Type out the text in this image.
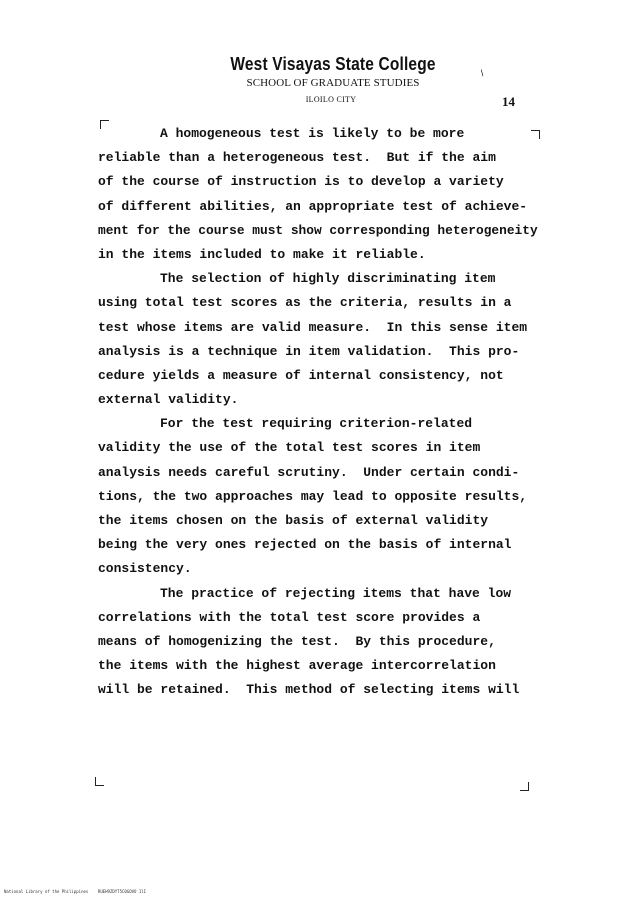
West Visayas State College
SCHOOL OF GRADUATE STUDIES
ILOILO CITY	14
/
A homogeneous test is likely to be more
reliable than a heterogeneous test.  But if the aim
of the course of instruction is to develop a variety
of different abilities, an appropriate test of achieve-
ment for the course must show corresponding heterogeneity
in the items included to make it reliable.
The selection of highly discriminating item
using total test scores as the criteria, results in a
test whose items are valid measure.  In this sense item
analysis is a technique in item validation.  This pro-
cedure yields a measure of internal consistency, not
external validity.
For the test requiring criterion-related
validity the use of the total test scores in item
analysis needs careful scrutiny.  Under certain condi-
tions, the two approaches may lead to opposite results,
the items chosen on the basis of external validity
being the very ones rejected on the basis of internal
consistency.
The practice of rejecting items that have low
correlations with the total test score provides a
means of homogenizing the test.  By this procedure,
the items with the highest average intercorrelation
will be retained.  This method of selecting items will
National Library of the Philippines    RUEH9ZDYT5C0GOVO 1lI
